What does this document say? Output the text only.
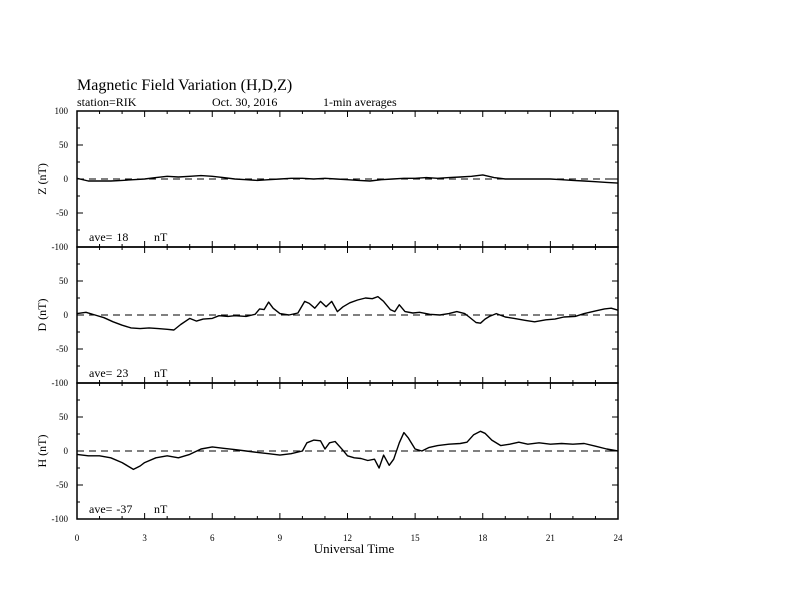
Magnetic Field Variation (H,D,Z)
station=RIK	Oct. 30, 2016	1-min averages
Universal Time
100
50
0
-50
-100
Z (nT)
ave= 18 nT
50
0
-50
-100
D (nT)
ave= 23 nT
50
0
-50
-100
H (nT)
ave= -37 nT
0	3	6	9	12	15	18	21	24
